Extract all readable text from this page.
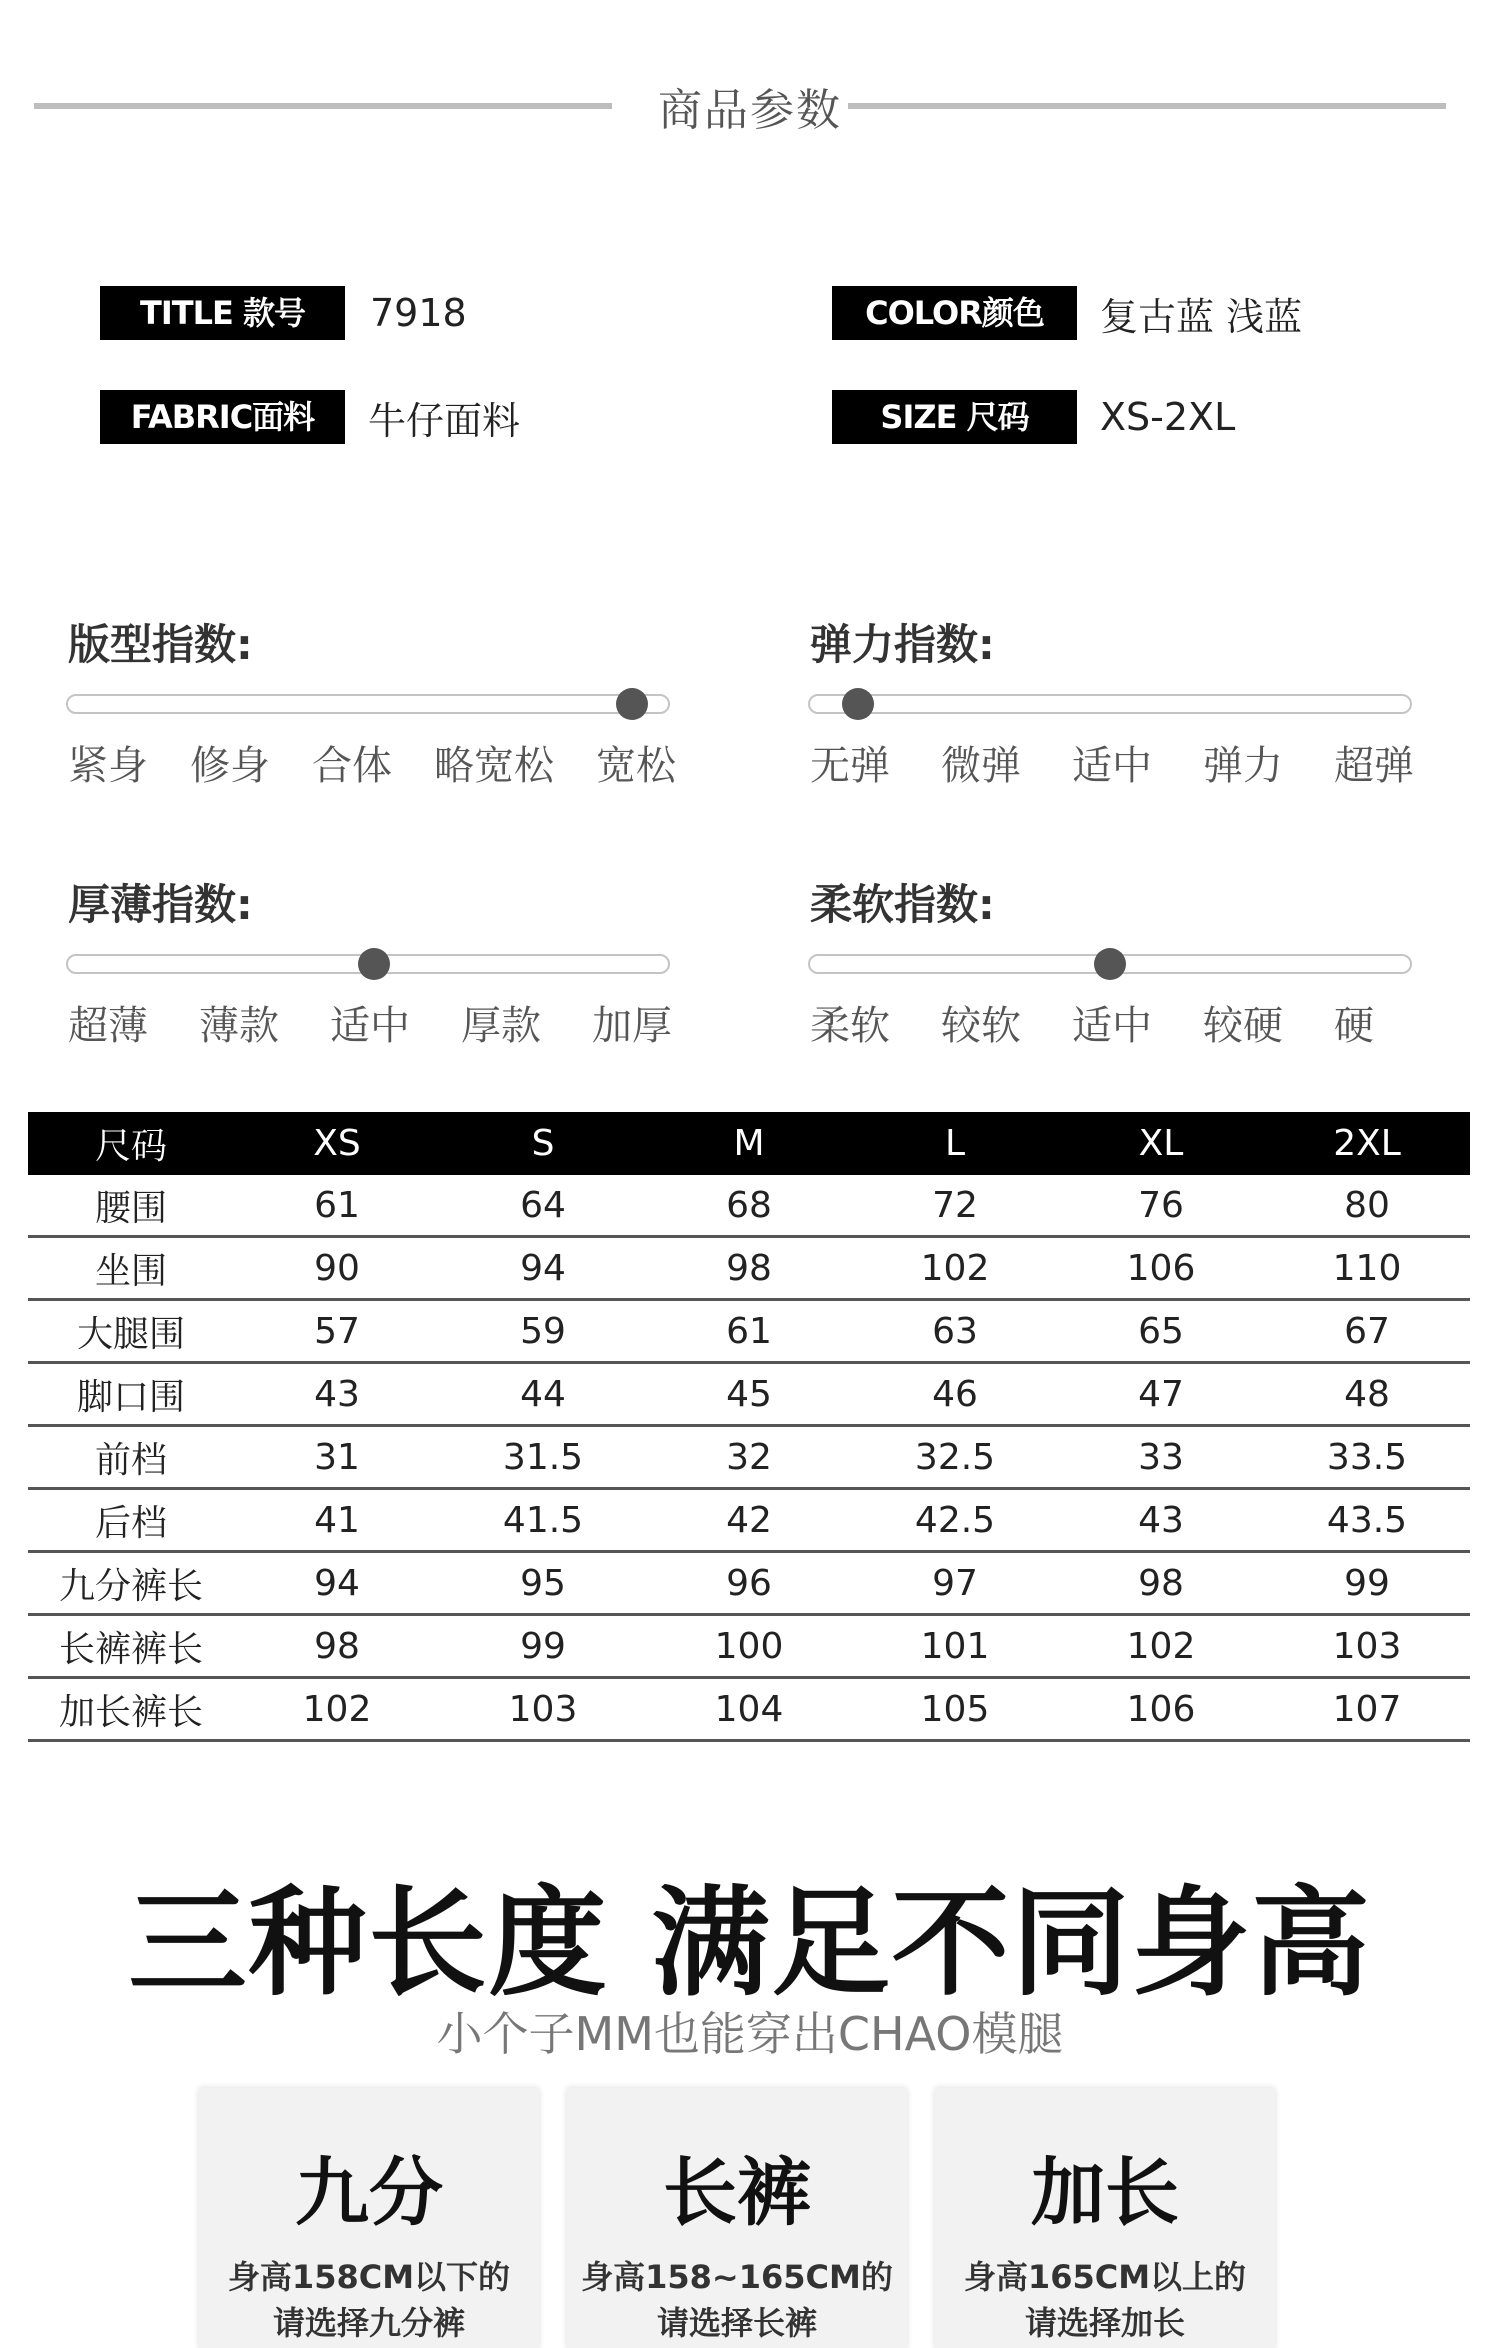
商品参数
TITLE 款号	7918	COLOR颜色	复古蓝 浅蓝
FABRIC面料	牛仔面料	SIZE 尺码	XS-2XL
版型指数:
紧身 修身 合体 略宽松 宽松
弹力指数:
无弹 微弹 适中 弹力 超弹
厚薄指数:
超薄 薄款 适中 厚款 加厚
柔软指数:
柔软 较软 适中 较硬 硬
尺码	XS	S	M	L	XL	2XL
腰围	61	64	68	72	76	80
坐围	90	94	98	102	106	110
大腿围	57	59	61	63	65	67
脚口围	43	44	45	46	47	48
前档	31	31.5	32	32.5	33	33.5
后档	41	41.5	42	42.5	43	43.5
九分裤长	94	95	96	97	98	99
长裤裤长	98	99	100	101	102	103
加长裤长	102	103	104	105	106	107
三种长度 满足不同身高
小个子MM也能穿出CHAO模腿
九分
身高158CM以下的
请选择九分裤
长裤
身高158~165CM的
请选择长裤
加长
身高165CM以上的
请选择加长
